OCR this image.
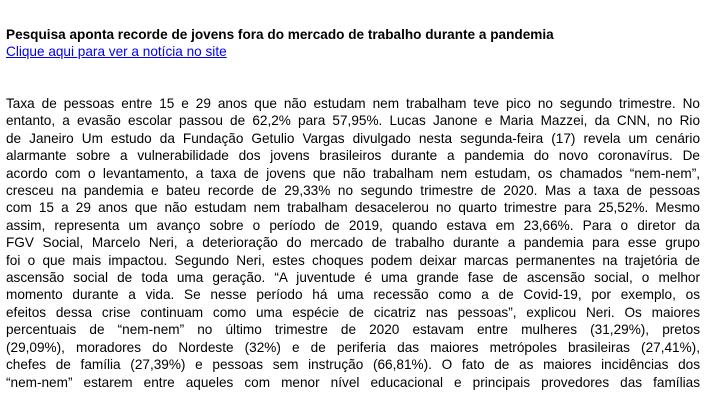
Pesquisa aponta recorde de jovens fora do mercado de trabalho durante a pandemia
Clique aqui para ver a notícia no site
Taxa de pessoas entre 15 e 29 anos que não estudam nem trabalham teve pico no segundo trimestre. No
entanto, a evasão escolar passou de 62,2% para 57,95%. Lucas Janone e Maria Mazzei, da CNN, no Rio
de Janeiro Um estudo da Fundação Getulio Vargas divulgado nesta segunda-feira (17) revela um cenário
alarmante sobre a vulnerabilidade dos jovens brasileiros durante a pandemia do novo coronavírus. De
acordo com o levantamento, a taxa de jovens que não trabalham nem estudam, os chamados “nem-nem”,
cresceu na pandemia e bateu recorde de 29,33% no segundo trimestre de 2020. Mas a taxa de pessoas
com 15 a 29 anos que não estudam nem trabalham desacelerou no quarto trimestre para 25,52%. Mesmo
assim, representa um avanço sobre o período de 2019, quando estava em 23,66%. Para o diretor da
FGV Social, Marcelo Neri, a deterioração do mercado de trabalho durante a pandemia para esse grupo
foi o que mais impactou. Segundo Neri, estes choques podem deixar marcas permanentes na trajetória de
ascensão social de toda uma geração. “A juventude é uma grande fase de ascensão social, o melhor
momento durante a vida. Se nesse período há uma recessão como a de Covid-19, por exemplo, os
efeitos dessa crise continuam como uma espécie de cicatriz nas pessoas”, explicou Neri. Os maiores
percentuais de “nem-nem” no último trimestre de 2020 estavam entre mulheres (31,29%), pretos
(29,09%), moradores do Nordeste (32%) e de periferia das maiores metrópoles brasileiras (27,41%),
chefes de família (27,39%) e pessoas sem instrução (66,81%). O fato de as maiores incidências dos
“nem-nem” estarem entre aqueles com menor nível educacional e principais provedores das famílias
